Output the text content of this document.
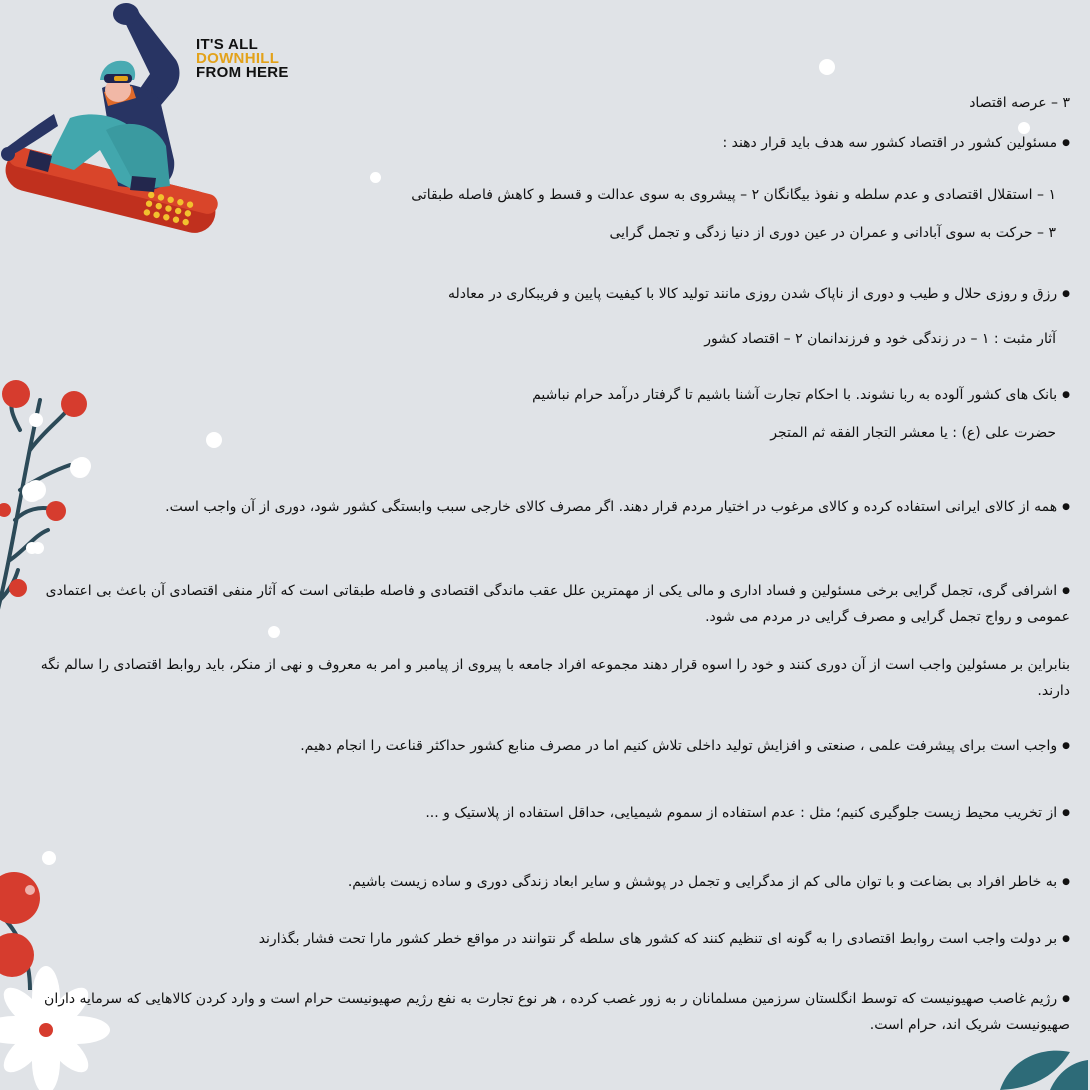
IT'S ALL
DOWNHILL
FROM HERE
۳ – عرصه اقتصاد
● مسئولین کشور در اقتصاد کشور سه هدف باید قرار دهند :
۱ – استقلال اقتصادی و عدم سلطه و نفوذ بیگانگان ۲ – پیشروی به سوی عدالت و قسط و کاهش فاصله طبقاتی
۳ – حرکت به سوی آبادانی و عمران در عین دوری از دنیا زدگی و تجمل گرایی
● رزق و روزی حلال و طیب و دوری از ناپاک شدن روزی مانند تولید کالا با کیفیت پایین و فریبکاری در معادله
آثار مثبت : ۱ – در زندگی خود و فرزندانمان ۲ – اقتصاد کشور
● بانک های کشور آلوده به ربا نشوند. با احکام تجارت آشنا باشیم تا گرفتار درآمد حرام نباشیم
حضرت علی (ع) : یا معشر التجار الفقه ثم المتجر
● همه از کالای ایرانی استفاده کرده و کالای مرغوب در اختیار مردم قرار دهند. اگر مصرف کالای خارجی سبب وابستگی کشور شود، دوری از آن واجب است.
● اشرافی گری، تجمل گرایی برخی مسئولین و فساد اداری و مالی یکی از مهمترین علل عقب ماندگی اقتصادی و فاصله طبقاتی است که آثار منفی اقتصادی آن باعث بی اعتمادی عمومی و رواج تجمل گرایی و مصرف گرایی در مردم می شود.
بنابراین بر مسئولین واجب است از آن دوری کنند و خود را اسوه قرار دهند مجموعه افراد جامعه با پیروی از پیامبر و امر به معروف و نهی از منکر، باید روابط اقتصادی را سالم نگه دارند.
● واجب است برای پیشرفت علمی ، صنعتی و افزایش تولید داخلی تلاش کنیم اما در مصرف منابع کشور حداکثر قناعت را انجام دهیم.
● از تخریب محیط زیست جلوگیری کنیم؛ مثل : عدم استفاده از سموم شیمیایی، حداقل استفاده از پلاستیک و ...
● به خاطر افراد بی بضاعت و با توان مالی کم از مدگرایی و تجمل در پوشش و سایر ابعاد زندگی دوری و ساده زیست باشیم.
● بر دولت واجب است روابط اقتصادی را به گونه ای تنظیم کنند که کشور های سلطه گر نتوانند در مواقع خطر کشور مارا تحت فشار بگذارند
● رژیم غاصب صهیونیست که توسط انگلستان سرزمین مسلمانان ر به زور غصب کرده ، هر نوع تجارت به نفع رژیم صهیونیست حرام است و وارد کردن کالاهایی که سرمایه داران صهیونیست شریک اند، حرام است.
